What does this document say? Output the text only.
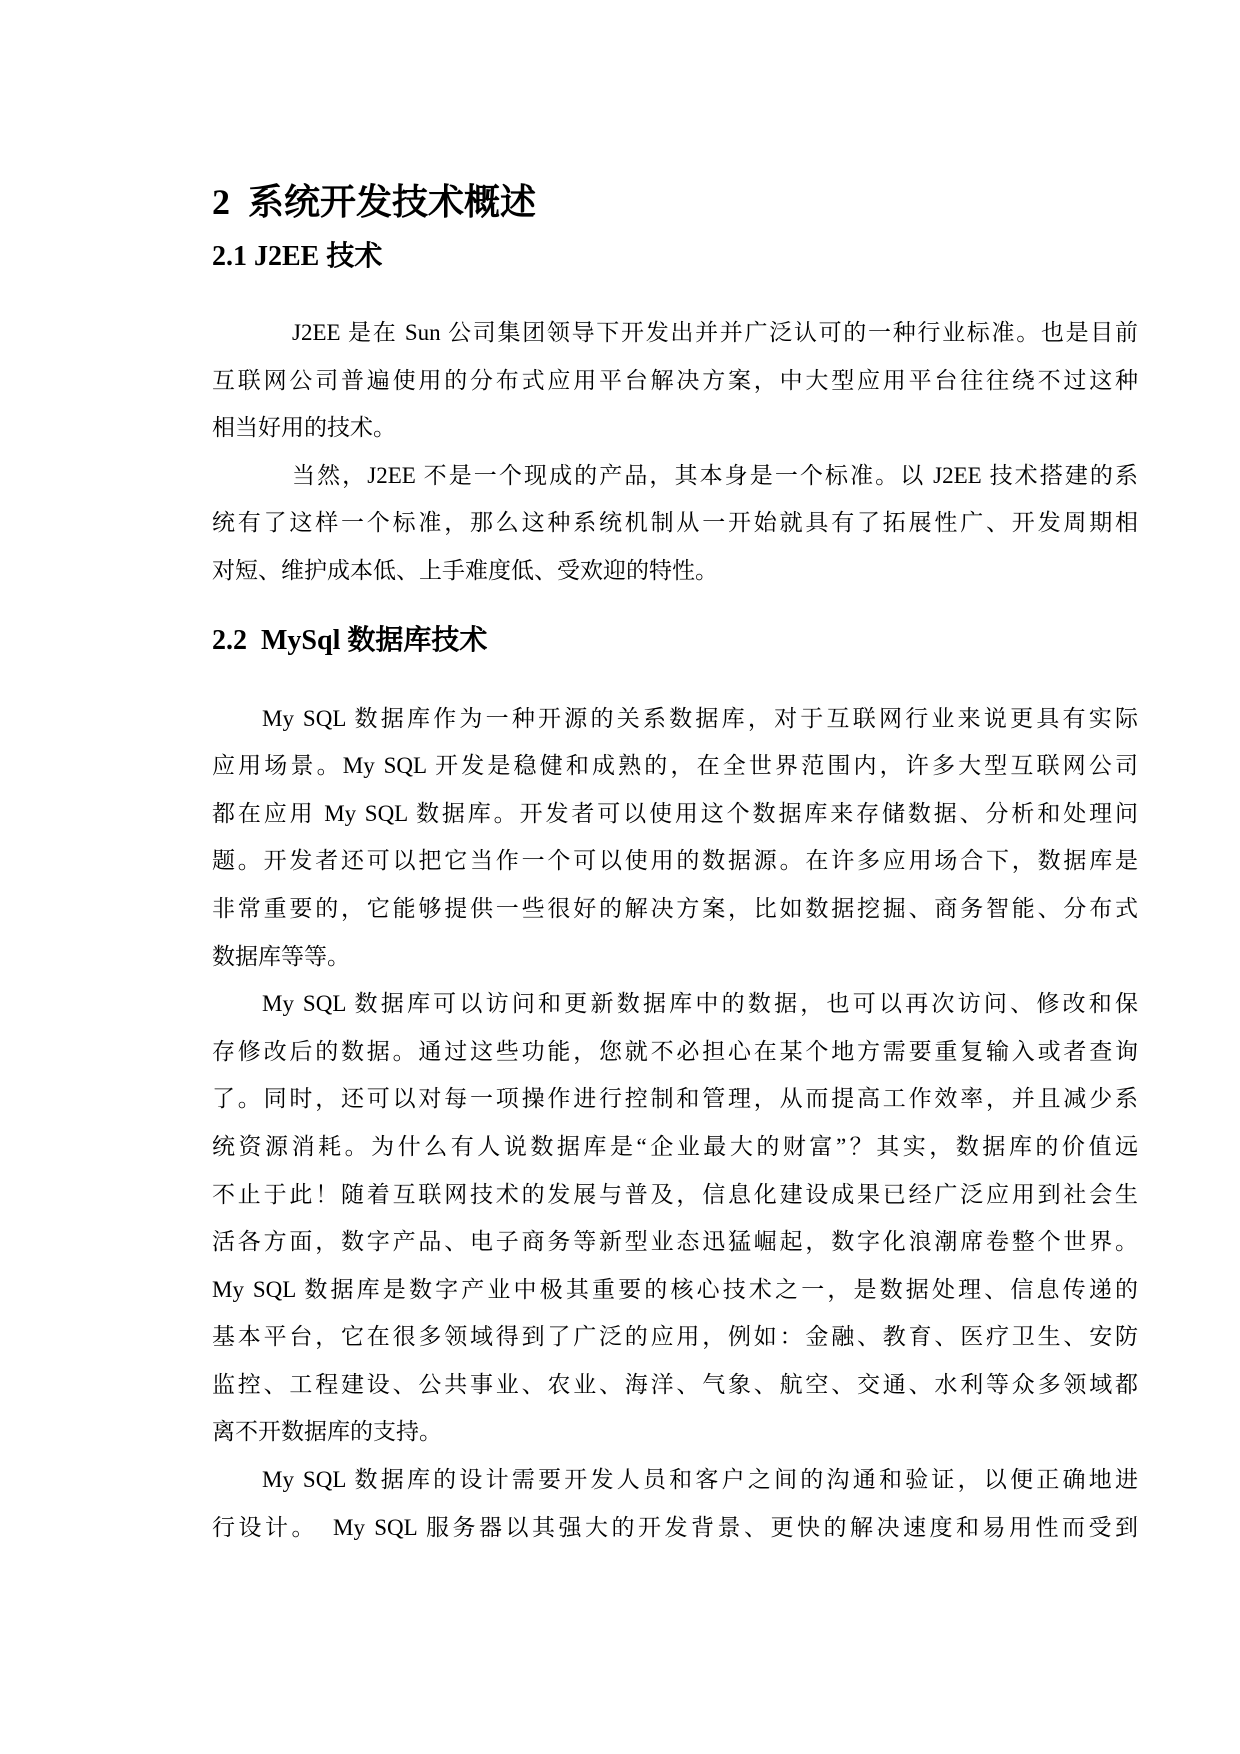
2  系统开发技术概述
2.1 J2EE 技术
J2EE 是在 Sun 公司集团领导下开发出并并广泛认可的一种行业标准。也是目前
互联网公司普遍使用的分布式应用平台解决方案，中大型应用平台往往绕不过这种
相当好用的技术。
当然，J2EE 不是一个现成的产品，其本身是一个标准。以 J2EE 技术搭建的系
统有了这样一个标准，那么这种系统机制从一开始就具有了拓展性广、开发周期相
对短、维护成本低、上手难度低、受欢迎的特性。
2.2  MySql 数据库技术
My SQL 数据库作为一种开源的关系数据库，对于互联网行业来说更具有实际
应用场景。My SQL 开发是稳健和成熟的，在全世界范围内，许多大型互联网公司
都在应用 My SQL 数据库。开发者可以使用这个数据库来存储数据、分析和处理问
题。开发者还可以把它当作一个可以使用的数据源。在许多应用场合下，数据库是
非常重要的，它能够提供一些很好的解决方案，比如数据挖掘、商务智能、分布式
数据库等等。
My SQL 数据库可以访问和更新数据库中的数据，也可以再次访问、修改和保
存修改后的数据。通过这些功能，您就不必担心在某个地方需要重复输入或者查询
了。同时，还可以对每一项操作进行控制和管理，从而提高工作效率，并且减少系
统资源消耗。为什么有人说数据库是“企业最大的财富”？其实，数据库的价值远
不止于此！随着互联网技术的发展与普及，信息化建设成果已经广泛应用到社会生
活各方面，数字产品、电子商务等新型业态迅猛崛起，数字化浪潮席卷整个世界。
My SQL 数据库是数字产业中极其重要的核心技术之一，是数据处理、信息传递的
基本平台，它在很多领域得到了广泛的应用，例如：金融、教育、医疗卫生、安防
监控、工程建设、公共事业、农业、海洋、气象、航空、交通、水利等众多领域都
离不开数据库的支持。
My SQL 数据库的设计需要开发人员和客户之间的沟通和验证，以便正确地进
行设计。　My SQL 服务器以其强大的开发背景、更快的解决速度和易用性而受到
